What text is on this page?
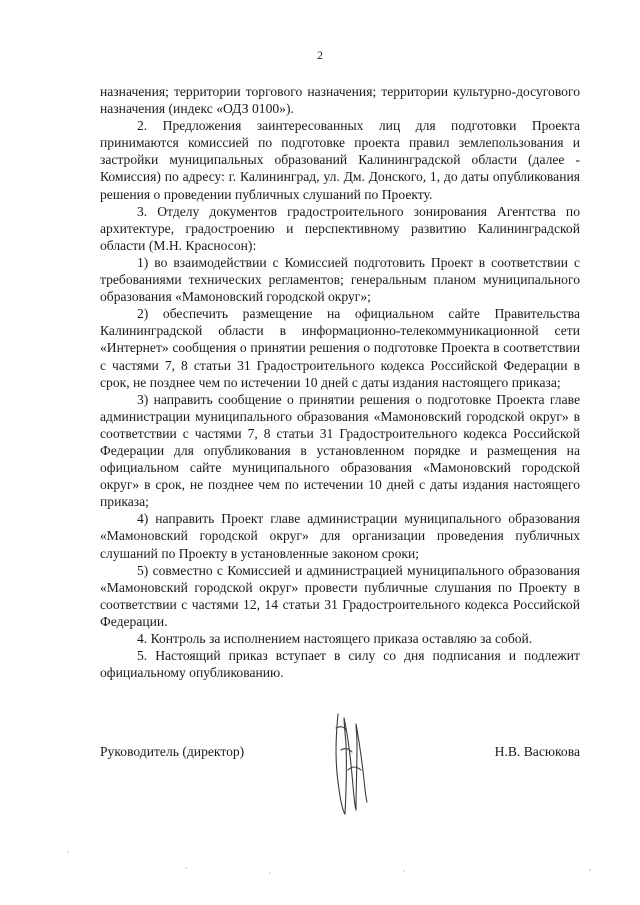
2

назначения; территории торгового назначения; территории культурно-досугового назначения (индекс «ОДЗ 0100»).

2. Предложения заинтересованных лиц для подготовки Проекта принимаются комиссией по подготовке проекта правил землепользования и застройки муниципальных образований Калининградской области (далее - Комиссия) по адресу: г. Калининград, ул. Дм. Донского, 1, до даты опубликования решения о проведении публичных слушаний по Проекту.

3. Отделу документов градостроительного зонирования Агентства по архитектуре, градостроению и перспективному развитию Калининградской области (М.Н. Красносон):

1) во взаимодействии с Комиссией подготовить Проект в соответствии с требованиями технических регламентов; генеральным планом муниципального образования «Мамоновский городской округ»;

2) обеспечить размещение на официальном сайте Правительства Калининградской области в информационно-телекоммуникационной сети «Интернет» сообщения о принятии решения о подготовке Проекта в соответствии с частями 7, 8 статьи 31 Градостроительного кодекса Российской Федерации в срок, не позднее чем по истечении 10 дней с даты издания настоящего приказа;

3) направить сообщение о принятии решения о подготовке Проекта главе администрации муниципального образования «Мамоновский городской округ» в соответствии с частями 7, 8 статьи 31 Градостроительного кодекса Российской Федерации для опубликования в установленном порядке и размещения на официальном сайте муниципального образования «Мамоновский городской округ» в срок, не позднее чем по истечении 10 дней с даты издания настоящего приказа;

4) направить Проект главе администрации муниципального образования «Мамоновский городской округ» для организации проведения публичных слушаний по Проекту в установленные законом сроки;

5) совместно с Комиссией и администрацией муниципального образования «Мамоновский городской округ» провести публичные слушания по Проекту в соответствии с частями 12, 14 статьи 31 Градостроительного кодекса Российской Федерации.

4. Контроль за исполнением настоящего приказа оставляю за собой.

5. Настоящий приказ вступает в силу со дня подписания и подлежит официальному опубликованию.

Руководитель (директор)	Н.В. Васюкова
